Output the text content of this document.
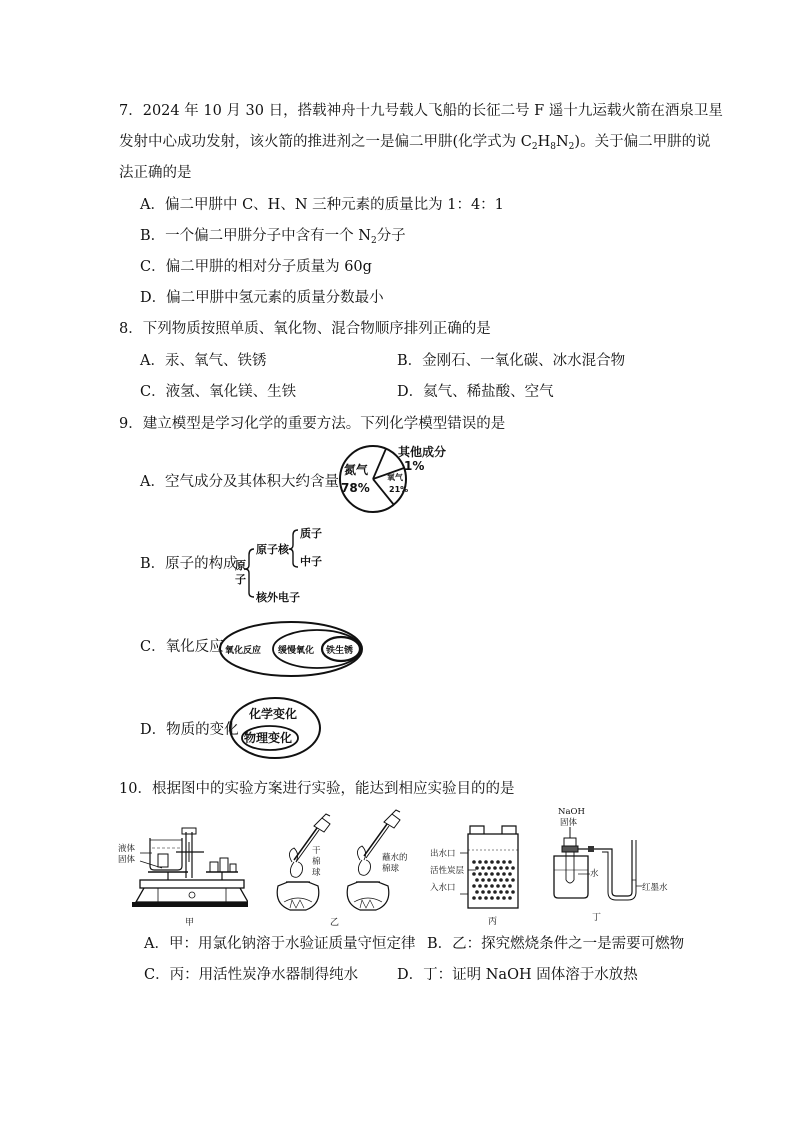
7．2024 年 10 月 30 日，搭载神舟十九号载人飞船的长征二号 F 遥十九运载火箭在酒泉卫星
发射中心成功发射，该火箭的推进剂之一是偏二甲肼(化学式为 $C_2H_8N_2$)。关于偏二甲肼的说
法正确的是
A．偏二甲肼中 C、H、N 三种元素的质量比为 1：4：1
B．一个偏二甲肼分子中含有一个 $N_2$分子
C．偏二甲肼的相对分子质量为 60g
D．偏二甲肼中氢元素的质量分数最小
8．下列物质按照单质、氧化物、混合物顺序排列正确的是
A．汞、氧气、铁锈	B．金刚石、一氧化碳、冰水混合物
C．液氢、氧化镁、生铁	D．氦气、稀盐酸、空气
9．建立模型是学习化学的重要方法。下列化学模型错误的是
A．空气成分及其体积大约含量
氮气
78%
氧气
21%
其他成分
1%
B．原子的构成
原
子
原子核
质子
中子
核外电子
C．氧化反应 氧化反应 缓慢氧化 铁生锈
D．物质的变化
化学变化
物理变化
10．根据图中的实验方案进行实验，能达到相应实验目的的是
液体
固体
甲
干
棉
球
蘸水的
棉球
乙
出水口
活性炭层
入水口
丙
NaOH
固体
水
红墨水
丁
A．甲：用氯化钠溶于水验证质量守恒定律 B．乙：探究燃烧条件之一是需要可燃物
C．丙：用活性炭净水器制得纯水	D．丁：证明 NaOH 固体溶于水放热
